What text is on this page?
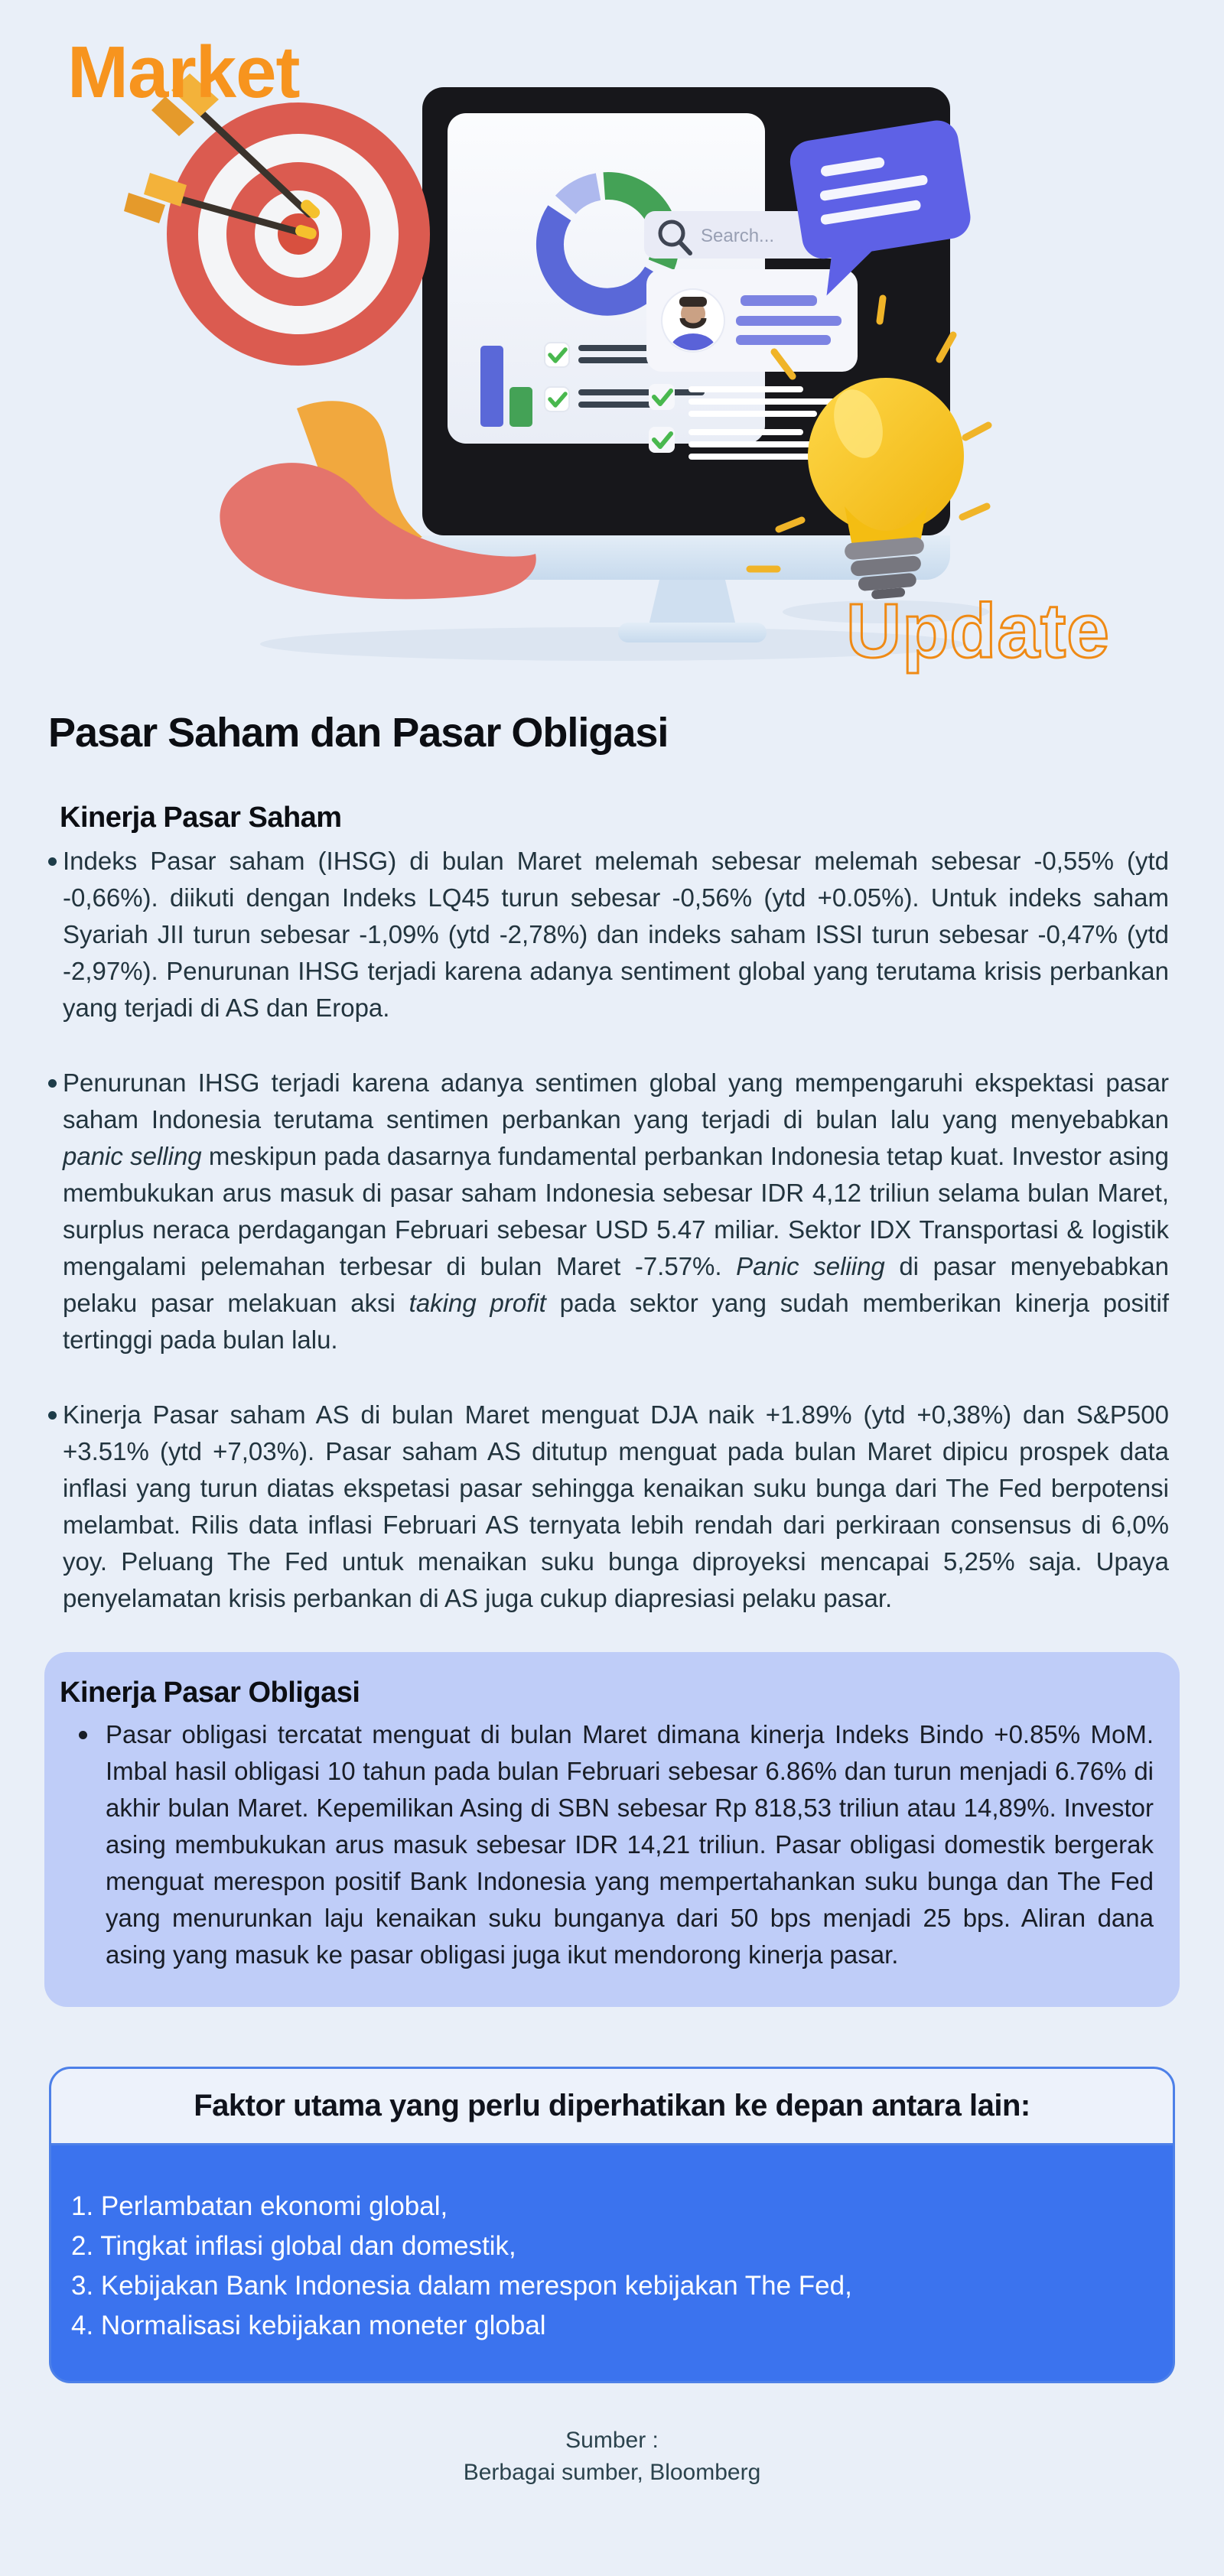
Search...
Market
Update
Pasar Saham dan Pasar Obligasi
Kinerja Pasar Saham
Indeks Pasar saham (IHSG) di bulan Maret melemah sebesar melemah sebesar -0,55% (ytd -0,66%). diikuti dengan Indeks LQ45 turun sebesar -0,56% (ytd +0.05%). Untuk indeks saham Syariah JII turun sebesar -1,09% (ytd -2,78%) dan indeks saham ISSI turun sebesar -0,47% (ytd -2,97%). Penurunan IHSG terjadi karena adanya sentiment global yang terutama krisis perbankan yang terjadi di AS dan Eropa.
Penurunan IHSG terjadi karena adanya sentimen global yang mempengaruhi ekspektasi pasar saham Indonesia terutama sentimen perbankan yang terjadi di bulan lalu yang menyebabkan panic selling meskipun pada dasarnya fundamental perbankan Indonesia tetap kuat. Investor asing membukukan arus masuk di pasar saham Indonesia sebesar IDR 4,12 triliun selama bulan Maret, surplus neraca perdagangan Februari sebesar USD 5.47 miliar. Sektor IDX Transportasi & logistik mengalami pelemahan terbesar di bulan Maret -7.57%. Panic seliing di pasar menyebabkan pelaku pasar melakuan aksi taking profit pada sektor yang sudah memberikan kinerja positif tertinggi pada bulan lalu.
Kinerja Pasar saham AS di bulan Maret menguat DJA naik +1.89% (ytd +0,38%) dan S&P500 +3.51% (ytd +7,03%). Pasar saham AS ditutup menguat pada bulan Maret dipicu prospek data inflasi yang turun diatas ekspetasi pasar sehingga kenaikan suku bunga dari The Fed berpotensi melambat. Rilis data inflasi Februari AS ternyata lebih rendah dari perkiraan consensus di 6,0% yoy. Peluang The Fed untuk menaikan suku bunga diproyeksi mencapai 5,25% saja. Upaya penyelamatan krisis perbankan di AS juga cukup diapresiasi pelaku pasar.
Kinerja Pasar Obligasi
Pasar obligasi tercatat menguat di bulan Maret dimana kinerja Indeks Bindo +0.85% MoM. Imbal hasil obligasi 10 tahun pada bulan Februari sebesar 6.86% dan turun menjadi 6.76% di akhir bulan Maret. Kepemilikan Asing di SBN sebesar Rp 818,53 triliun atau 14,89%. Investor asing membukukan arus masuk sebesar IDR 14,21 triliun. Pasar obligasi domestik bergerak menguat merespon positif Bank Indonesia yang mempertahankan suku bunga dan The Fed yang menurunkan laju kenaikan suku bunganya dari 50 bps menjadi 25 bps. Aliran dana asing yang masuk ke pasar obligasi juga ikut mendorong kinerja pasar.
Faktor utama yang perlu diperhatikan ke depan antara lain:
1. Perlambatan ekonomi global,
2. Tingkat inflasi global dan domestik,
3. Kebijakan Bank Indonesia dalam merespon kebijakan The Fed,
4. Normalisasi kebijakan moneter global
Sumber :
Berbagai sumber, Bloomberg
